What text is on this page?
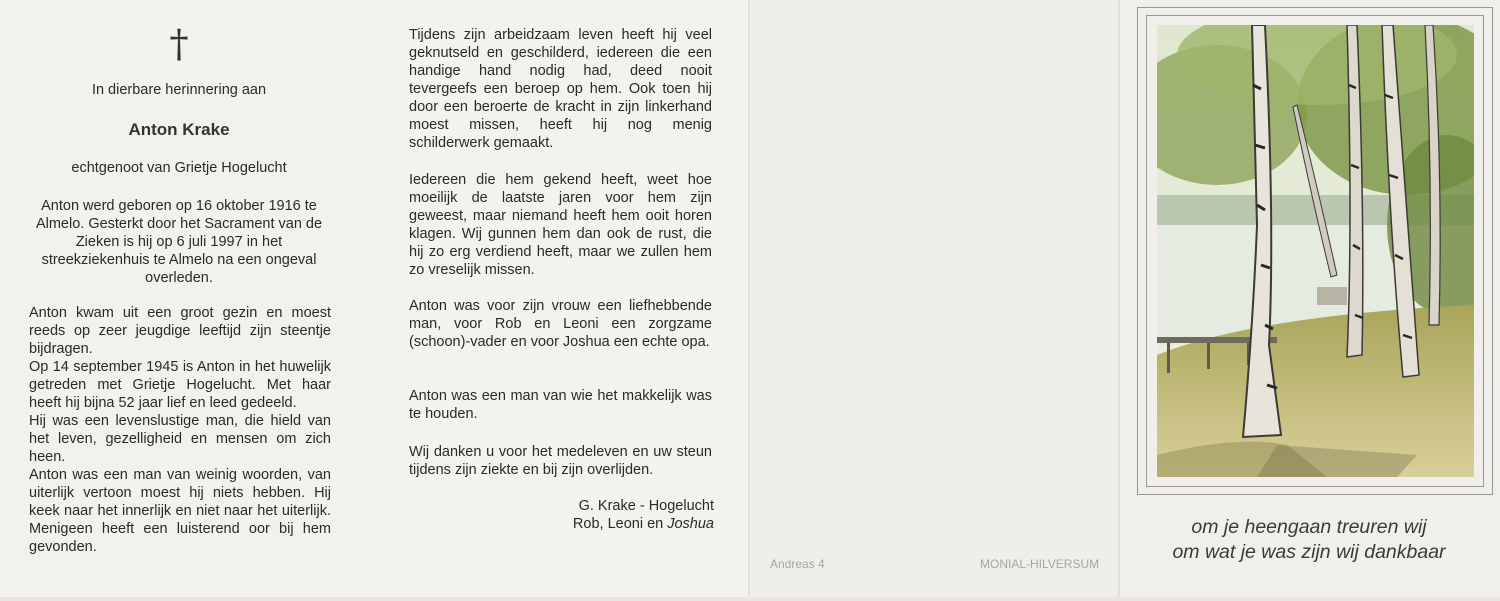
†
In dierbare herinnering aan
Anton Krake
echtgenoot van Grietje Hogelucht
Anton werd geboren op 16 oktober 1916 te Almelo. Gesterkt door het Sacrament van de Zieken is hij op 6 juli 1997 in het streekziekenhuis te Almelo na een ongeval overleden.

Anton kwam uit een groot gezin en moest reeds op zeer jeugdige leeftijd zijn steentje bijdragen.

Op 14 september 1945 is Anton in het huwelijk getreden met Grietje Hogelucht. Met haar heeft hij bijna 52 jaar lief en leed gedeeld.

Hij was een levenslustige man, die hield van het leven, gezelligheid en mensen om zich heen.

Anton was een man van weinig woorden, van uiterlijk vertoon moest hij niets hebben. Hij keek naar het innerlijk en niet naar het uiterlijk. Menigeen heeft een luisterend oor bij hem gevonden.

Tijdens zijn arbeidzaam leven heeft hij veel geknutseld en geschilderd, iedereen die een handige hand nodig had, deed nooit tevergeefs een beroep op hem. Ook toen hij door een beroerte de kracht in zijn linkerhand moest missen, heeft hij nog menig schilderwerk gemaakt.
Iedereen die hem gekend heeft, weet hoe moeilijk de laatste jaren voor hem zijn geweest, maar niemand heeft hem ooit horen klagen. Wij gunnen hem dan ook de rust, die hij zo erg verdiend heeft, maar we zullen hem zo vreselijk missen.
Anton was voor zijn vrouw een liefhebbende man, voor Rob en Leoni een zorgzame (schoon)-vader en voor Joshua een echte opa.
Anton was een man van wie het makkelijk was te houden.
Wij danken u voor het medeleven en uw steun tijdens zijn ziekte en bij zijn overlijden.
G. Krake - Hogelucht
Rob, Leoni en Joshua
Andreas 4	MONIAL-HILVERSUM
om je heengaan treuren wij
om wat je was zijn wij dankbaar
